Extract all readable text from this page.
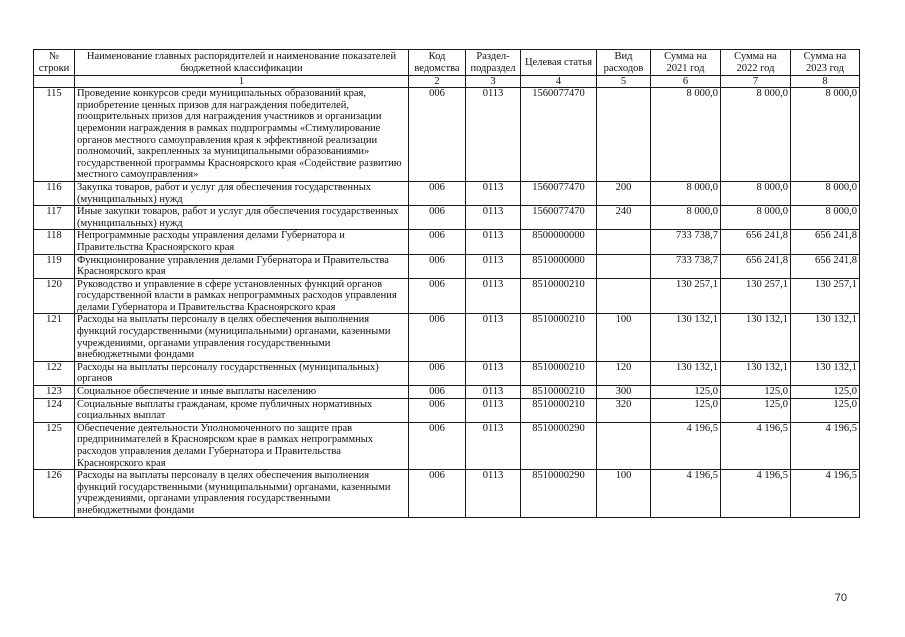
№ строки	Наименование главных распорядителей и наименование показателей бюджетной классификации	Код ведомства	Раздел-подраздел	Целевая статья	Вид расходов	Сумма на 2021 год	Сумма на 2022 год	Сумма на 2023 год
	1	2	3	4	5	6	7	8
115	Проведение конкурсов среди муниципальных образований края, приобретение ценных призов для награждения победителей, поощрительных призов для награждения участников и организации церемонии награждения в рамках подпрограммы «Стимулирование органов местного самоуправления края к эффективной реализации полномочий, закрепленных за муниципальными образованиями» государственной программы Красноярского края «Содействие развитию местного самоуправления»	006	0113	1560077470		8 000,0	8 000,0	8 000,0
116	Закупка товаров, работ и услуг для обеспечения государственных (муниципальных) нужд	006	0113	1560077470	200	8 000,0	8 000,0	8 000,0
117	Иные закупки товаров, работ и услуг для обеспечения государственных (муниципальных) нужд	006	0113	1560077470	240	8 000,0	8 000,0	8 000,0
118	Непрограммные расходы управления делами Губернатора и Правительства Красноярского края	006	0113	8500000000		733 738,7	656 241,8	656 241,8
119	Функционирование управления делами Губернатора и Правительства Красноярского края	006	0113	8510000000		733 738,7	656 241,8	656 241,8
120	Руководство и управление в сфере установленных функций органов государственной власти в рамках непрограммных расходов управления делами Губернатора и Правительства Красноярского края	006	0113	8510000210		130 257,1	130 257,1	130 257,1
121	Расходы на выплаты персоналу в целях обеспечения выполнения функций государственными (муниципальными) органами, казенными учреждениями, органами управления государственными внебюджетными фондами	006	0113	8510000210	100	130 132,1	130 132,1	130 132,1
122	Расходы на выплаты персоналу государственных (муниципальных) органов	006	0113	8510000210	120	130 132,1	130 132,1	130 132,1
123	Социальное обеспечение и иные выплаты населению	006	0113	8510000210	300	125,0	125,0	125,0
124	Социальные выплаты гражданам, кроме публичных нормативных социальных выплат	006	0113	8510000210	320	125,0	125,0	125,0
125	Обеспечение деятельности Уполномоченного по защите прав предпринимателей в Красноярском крае в рамках непрограммных расходов управления делами Губернатора и Правительства Красноярского края	006	0113	8510000290		4 196,5	4 196,5	4 196,5
126	Расходы на выплаты персоналу в целях обеспечения выполнения функций государственными (муниципальными) органами, казенными учреждениями, органами управления государственными внебюджетными фондами	006	0113	8510000290	100	4 196,5	4 196,5	4 196,5
70
